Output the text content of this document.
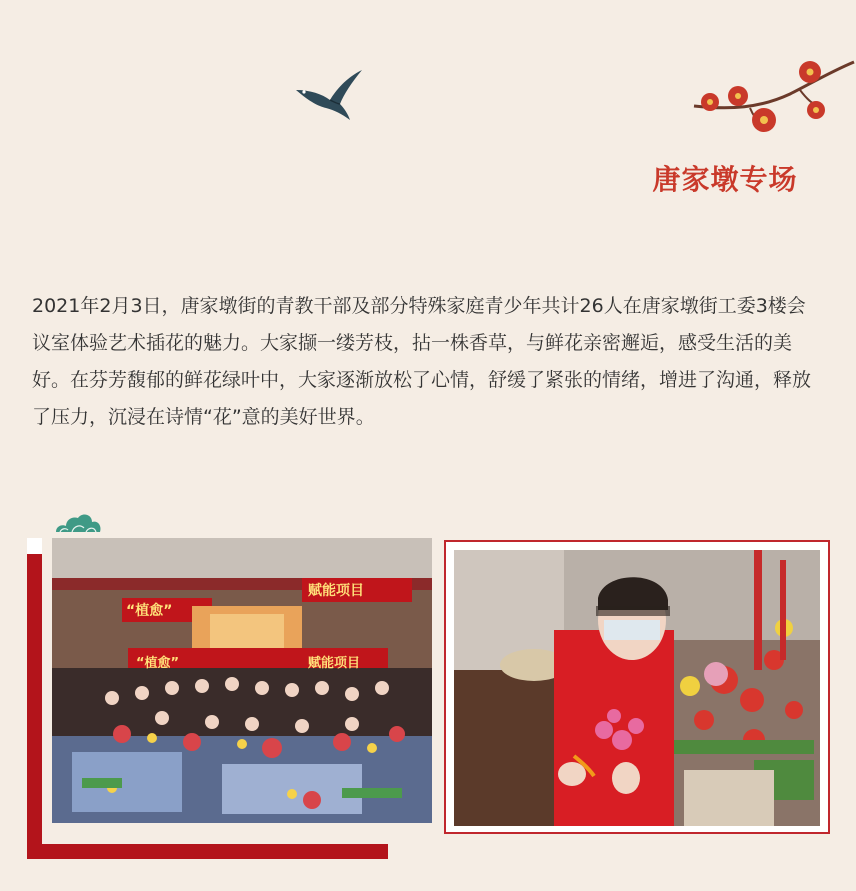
唐家墩专场

2021年2月3日，唐家墩街的青教干部及部分特殊家庭青少年共计26人在唐家墩街工委3楼会议室体验艺术插花的魅力。大家撷一缕芳枝，拈一株香草，与鲜花亲密邂逅，感受生活的美好。在芬芳馥郁的鲜花绿叶中，大家逐渐放松了心情，舒缓了紧张的情绪，增进了沟通，释放了压力，沉浸在诗情“花”意的美好世界。

“植愈”
赋能项目
“植愈”	赋能项目
